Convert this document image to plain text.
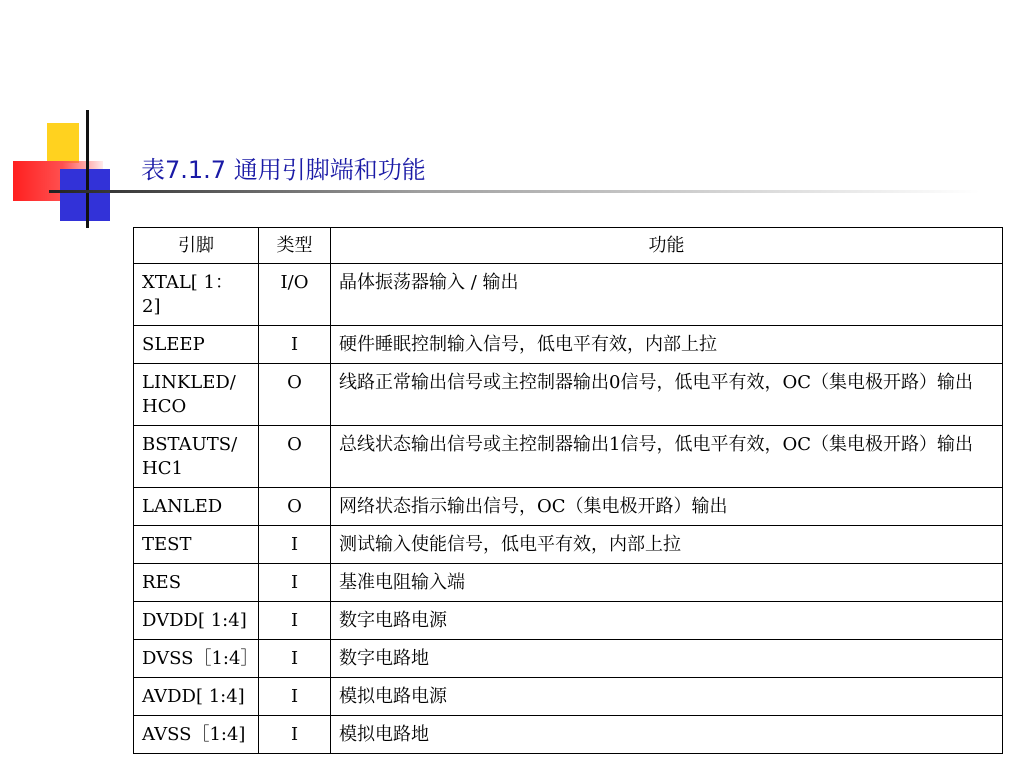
表7.1.7 通用引脚端和功能
引脚	类型	功能
XTAL[ 1：2]	I/O	晶体振荡器输入 / 输出
SLEEP	I	硬件睡眠控制输入信号，低电平有效，内部上拉
LINKLED/HCO	O	线路正常输出信号或主控制器输出0信号，低电平有效，OC（集电极开路）输出
BSTAUTS/HC1	O	总线状态输出信号或主控制器输出1信号，低电平有效，OC（集电极开路）输出
LANLED	O	网络状态指示输出信号，OC（集电极开路）输出
TEST	I	测试输入使能信号，低电平有效，内部上拉
RES	I	基准电阻输入端
DVDD[ 1:4]	I	数字电路电源
DVSS［1:4］	I	数字电路地
AVDD[ 1:4]	I	模拟电路电源
AVSS［1:4]	I	模拟电路地
